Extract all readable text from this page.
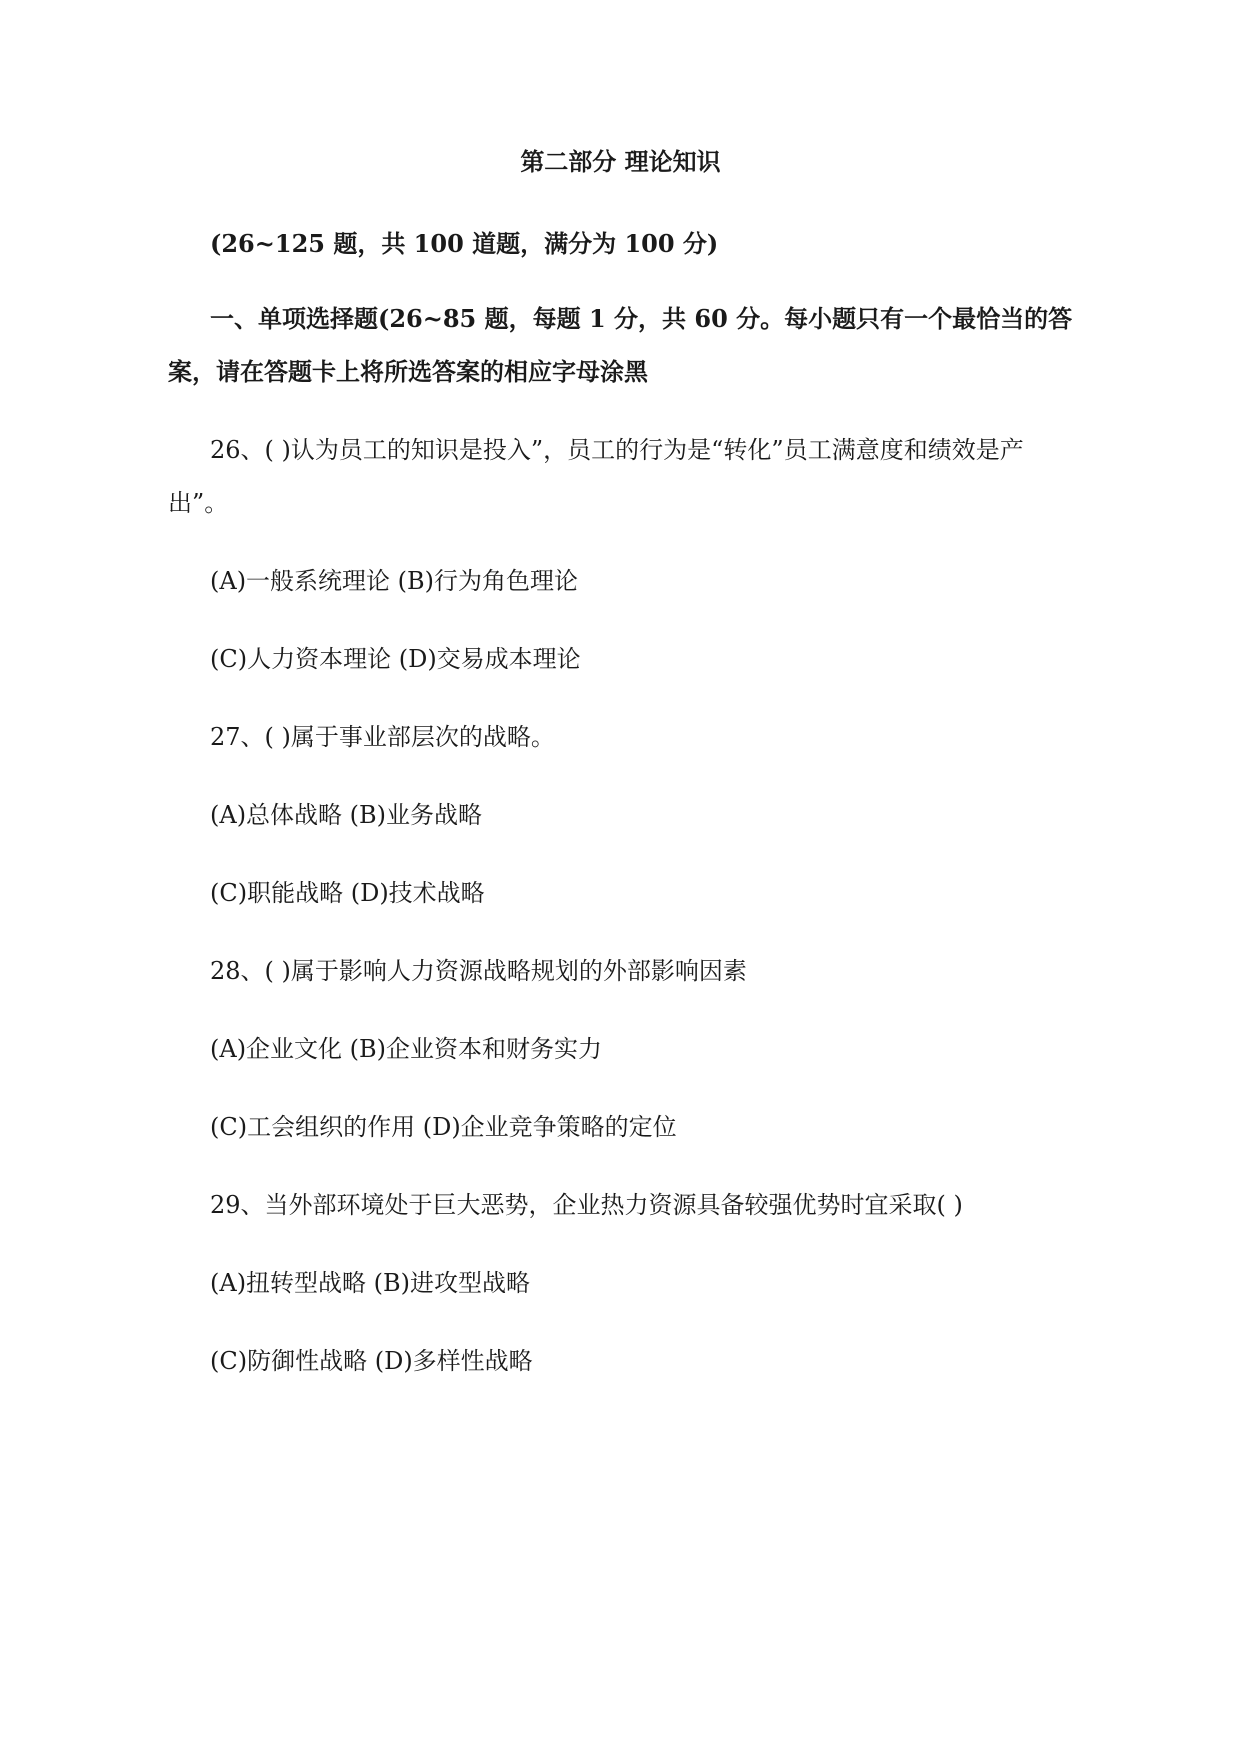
第二部分 理论知识
(26~125 题，共 100 道题，满分为 100 分)
一、单项选择题(26~85 题，每题 1 分，共 60 分。每小题只有一个最恰当的答
案，请在答题卡上将所选答案的相应字母涂黑
26、( )认为员工的知识是投入”，员工的行为是“转化”员工满意度和绩效是产
出”。
(A)一般系统理论 (B)行为角色理论
(C)人力资本理论 (D)交易成本理论
27、( )属于事业部层次的战略。
(A)总体战略 (B)业务战略
(C)职能战略 (D)技术战略
28、( )属于影响人力资源战略规划的外部影响因素
(A)企业文化 (B)企业资本和财务实力
(C)工会组织的作用 (D)企业竞争策略的定位
29、当外部环境处于巨大恶势，企业热力资源具备较强优势时宜采取( )
(A)扭转型战略 (B)进攻型战略
(C)防御性战略 (D)多样性战略
